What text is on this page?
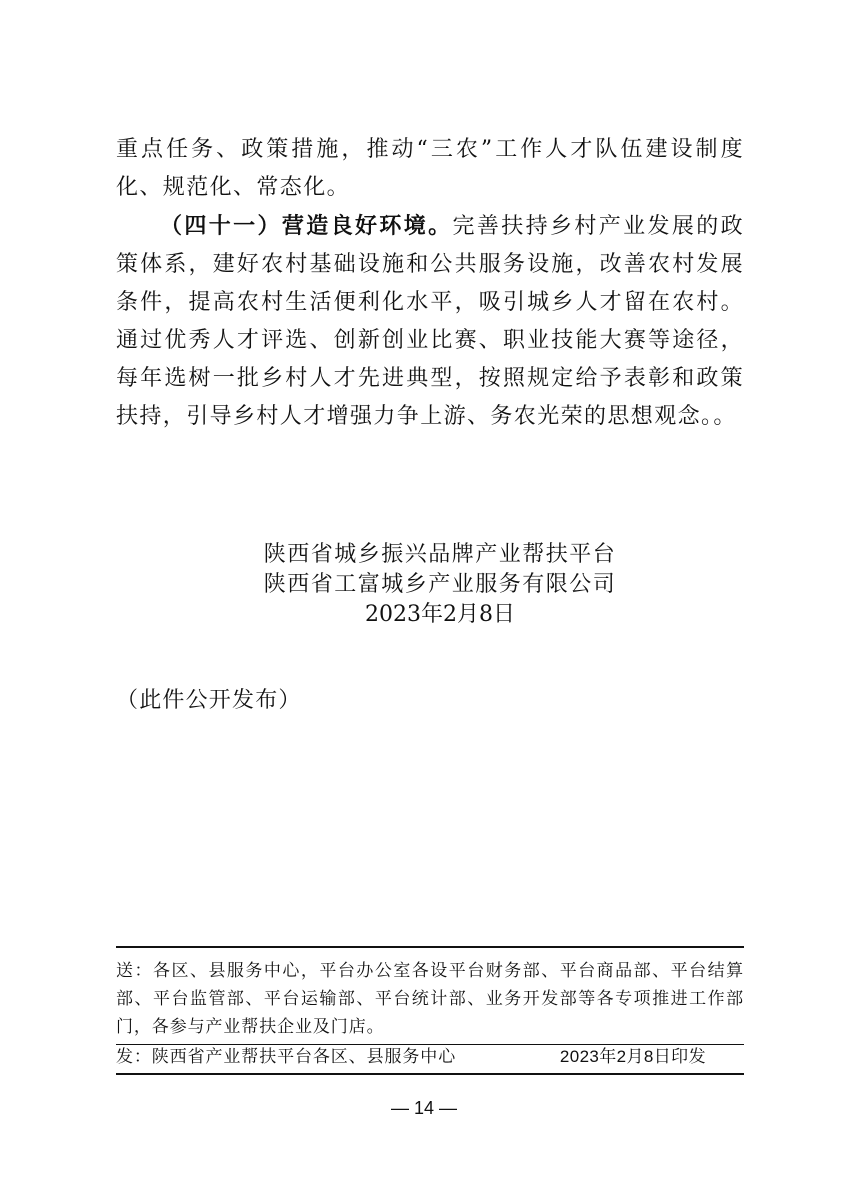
重点任务、政策措施，推动“三农”工作人才队伍建设制度化、规范化、常态化。

（四十一）营造良好环境。完善扶持乡村产业发展的政策体系，建好农村基础设施和公共服务设施，改善农村发展条件，提高农村生活便利化水平，吸引城乡人才留在农村。通过优秀人才评选、创新创业比赛、职业技能大赛等途径，每年选树一批乡村人才先进典型，按照规定给予表彰和政策扶持，引导乡村人才增强力争上游、务农光荣的思想观念。。

陕西省城乡振兴品牌产业帮扶平台
陕西省工富城乡产业服务有限公司
2023年2月8日
（此件公开发布）
送：各区、县服务中心，平台办公室各设平台财务部、平台商品部、平台结算部、平台监管部、平台运输部、平台统计部、业务开发部等各专项推进工作部门，各参与产业帮扶企业及门店。
发：陕西省产业帮扶平台各区、县服务中心	2023年2月8日印发
— 14 —
